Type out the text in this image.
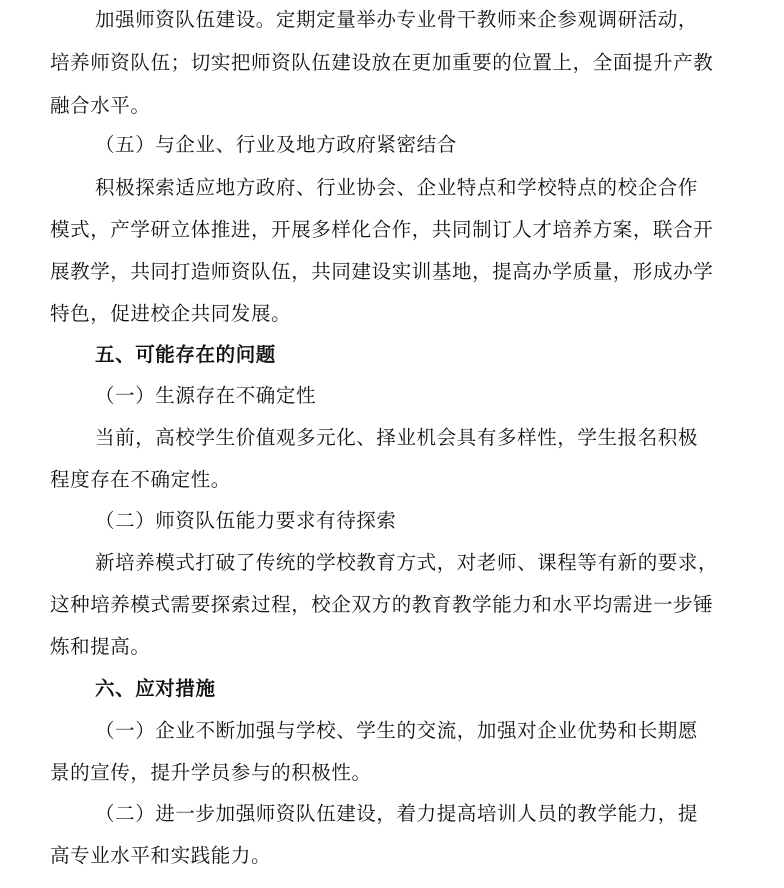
加强师资队伍建设。定期定量举办专业骨干教师来企参观调研活动，
培养师资队伍；切实把师资队伍建设放在更加重要的位置上，全面提升产教
融合水平。
（五）与企业、行业及地方政府紧密结合
积极探索适应地方政府、行业协会、企业特点和学校特点的校企合作
模式，产学研立体推进，开展多样化合作，共同制订人才培养方案，联合开
展教学，共同打造师资队伍，共同建设实训基地，提高办学质量，形成办学
特色，促进校企共同发展。
五、可能存在的问题
（一）生源存在不确定性
当前，高校学生价值观多元化、择业机会具有多样性，学生报名积极
程度存在不确定性。
（二）师资队伍能力要求有待探索
新培养模式打破了传统的学校教育方式，对老师、课程等有新的要求，
这种培养模式需要探索过程，校企双方的教育教学能力和水平均需进一步锤
炼和提高。
六、应对措施
（一）企业不断加强与学校、学生的交流，加强对企业优势和长期愿
景的宣传，提升学员参与的积极性。
（二）进一步加强师资队伍建设，着力提高培训人员的教学能力，提
高专业水平和实践能力。
